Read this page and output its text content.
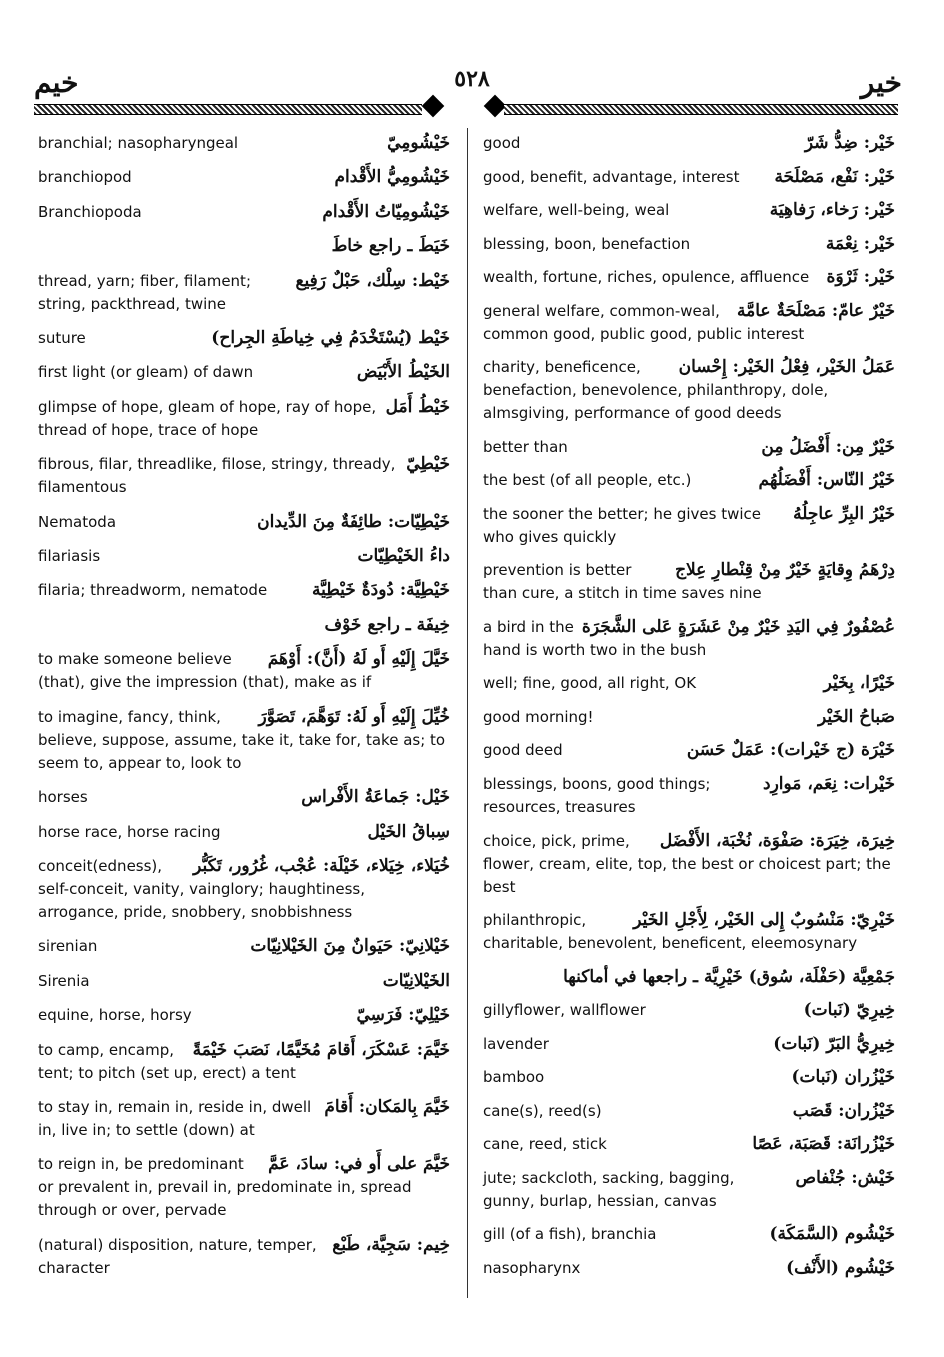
خيم	٥٢٨	خير
خَيْشُومِيّ
branchial; nasopharyngeal
خَيْشُومِيُّ الأَقْدام
branchiopod
خَيْشُومِيّاتُ الأَقْدام
Branchiopoda
خَيَطَ ـ راجع خاطَ
خَيْط: سِلْك، حَبْلٌ رَفِيع
thread, yarn; fiber, filament; string, packthread, twine
خَيْط (يُسْتَخْدَمُ فِي خِياطَةِ الجِراح)
suture
الخَيْطُ الأَبْيَض
first light (or gleam) of dawn
خَيْطُ أَمَل
glimpse of hope, gleam of hope, ray of hope, thread of hope, trace of hope
خَيْطِيّ
fibrous, filar, threadlike, filose, stringy, thready, filamentous
خَيْطِيّات: طائِفَةٌ مِنَ الدِّيدان
Nematoda
داءُ الخَيْطِيّات
filariasis
خَيْطِيَّة: دُودَةٌ خَيْطِيَّة
filaria; threadworm, nematode
خِيفَة ـ راجع خَوْف
خَيَّلَ إِلَيْهِ أَو لَهُ (أَنَّ): أَوْهَمَ
to make someone believe (that), give the impression (that), make as if
خُيِّلَ إِلَيْهِ أَو لَهُ: تَوَهَّمَ، تَصَوَّرَ
to imagine, fancy, think, believe, suppose, assume, take it, take for, take as; to seem to, appear to, look to
خَيْل: جَماعَةُ الأَفْراس
horses
سِباقُ الخَيْل
horse race, horse racing
خُيَلاء، خِيَلاء، خَيْلَة: عُجْب، غُرُور، تَكَبُّر
conceit(edness), self-conceit, vanity, vainglory; haughtiness, arrogance, pride, snobbery, snobbishness
خَيْلانِيّ: حَيَوانٌ مِنَ الخَيْلانِيّات
sirenian
الخَيْلانِيّات
Sirenia
خَيْلِيّ: فَرَسِيّ
equine, horse, horsy
خَيَّمَ: عَسْكَرَ، أَقامَ مُخَيَّمًا، نَصَبَ خَيْمَةً
to camp, encamp, tent; to pitch (set up, erect) a tent
خَيَّمَ بِالمَكان: أَقامَ
to stay in, remain in, reside in, dwell in, live in; to settle (down) at
خَيَّمَ على أَو في: سادَ، عَمَّ
to reign in, be predominant or prevalent in, prevail in, predominate in, spread through or over, pervade
خِيم: سَجِيَّة، طَبْع
(natural) disposition, nature, temper, character
خَيْر: ضِدُّ شَرّ
good
خَيْر: نَفْع، مَصْلَحَة
good, benefit, advantage, interest
خَيْر: رَخاء، رَفاهِيَة
welfare, well-being, weal
خَيْر: نِعْمَة
blessing, boon, benefaction
خَيْر: ثَرْوَة
wealth, fortune, riches, opulence, affluence
خَيْرٌ عامّ: مَصْلَحَةٌ عامَّة
general welfare, common-weal, common good, public good, public interest
عَمَلُ الخَيْر، فِعْلُ الخَيْر: إِحْسان
charity, beneficence, benefaction, benevolence, philanthropy, dole, almsgiving, performance of good deeds
خَيْرٌ مِن: أَفْضَلُ مِن
better than
خَيْرُ النّاس: أَفْضَلُهُم
the best (of all people, etc.)
خَيْرُ البِرِّ عاجِلُهُ
the sooner the better; he gives twice who gives quickly
دِرْهَمُ وِقايَةٍ خَيْرٌ مِنْ قِنْطارِ عِلاج
prevention is better than cure, a stitch in time saves nine
عُصْفُورٌ فِي اليَدِ خَيْرٌ مِنْ عَشَرَةٍ عَلى الشَّجَرَة
a bird in the hand is worth two in the bush
خَيْرًا، بِخَيْر
well; fine, good, all right, OK
صَباحُ الخَيْر
good morning!
خَيْرَة (ج خَيْرات): عَمَلٌ حَسَن
good deed
خَيْرات: نِعَم، مَوارِد
blessings, boons, good things; resources, treasures
خِيرَة، خِيَرَة: صَفْوَة، نُخْبَة، الأَفْضَل
choice, pick, prime, flower, cream, elite, top, the best or choicest part; the best
خَيْرِيّ: مَنْسُوبٌ إِلى الخَيْر، لِأَجْلِ الخَيْر
philanthropic, charitable, benevolent, beneficent, eleemosynary
جَمْعِيَّة (حَفْلَة، سُوق) خَيْرِيَّة ـ راجعها في أماكنها
خِيرِيّ (نَبات)
gillyflower, wallflower
خِيرِيُّ البَرّ (نَبات)
lavender
خَيْزُران (نَبات)
bamboo
خَيْزُران: قَصَب
cane(s), reed(s)
خَيْزُرانَة: قَصَبَة، عَصًا
cane, reed, stick
خَيْش: جُنْفاص
jute; sackcloth, sacking, bagging, gunny, burlap, hessian, canvas
خَيْشُوم (السَّمَكَة)
gill (of a fish), branchia
خَيْشُوم (الأَنْف)
nasopharynx
